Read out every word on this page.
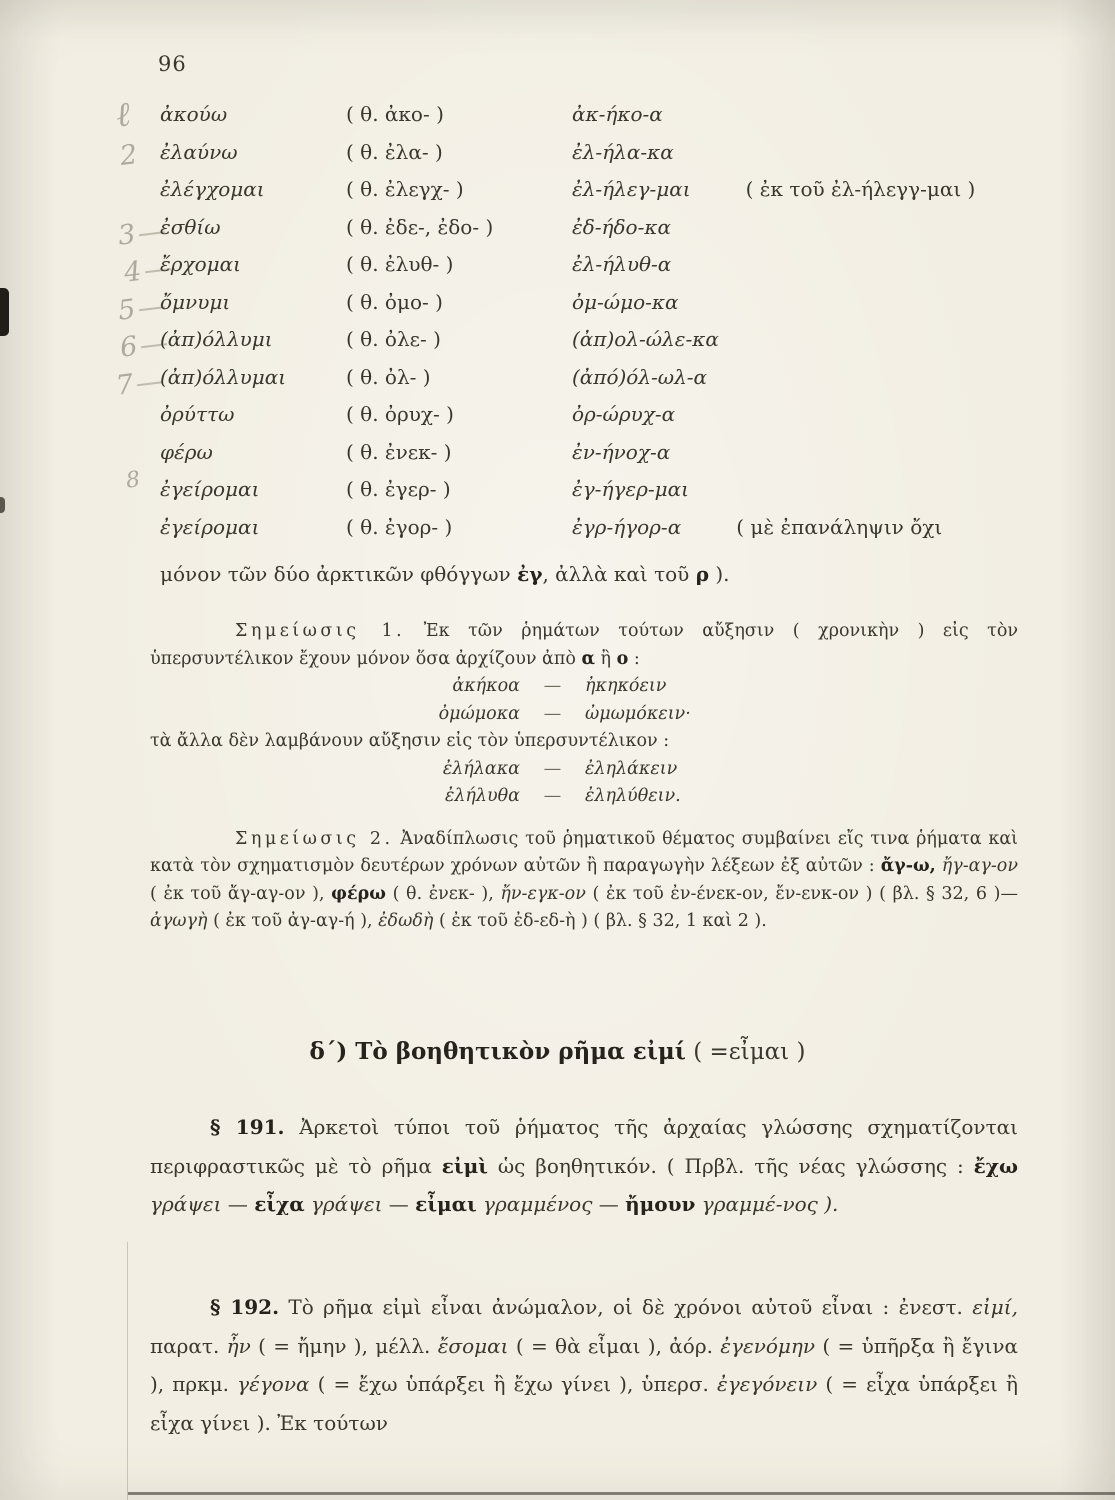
96
ℓ
2
3
4
5
6
7
8
ἀκούω	( θ. ἀκο- )	ἀκ-ήκο-α
ἐλαύνω	( θ. ἐλα- )	ἐλ-ήλα-κα
ἐλέγχομαι	( θ. ἐλεγχ- )	ἐλ-ήλεγ-μαι	( ἐκ τοῦ ἐλ-ήλεγγ-μαι )
ἐσθίω	( θ. ἐδε-, ἐδο- )	ἐδ-ήδο-κα
ἔρχομαι	( θ. ἐλυθ- )	ἐλ-ήλυθ-α
ὄμνυμι	( θ. ὀμο- )	ὀμ-ώμο-κα
(ἀπ)όλλυμι	( θ. ὀλε- )	(ἀπ)ολ-ώλε-κα
(ἀπ)όλλυμαι	( θ. ὀλ- )	(ἀπό)όλ-ωλ-α
ὀρύττω	( θ. ὀρυχ- )	ὀρ-ώρυχ-α
φέρω	( θ. ἐνεκ- )	ἐν-ήνοχ-α
ἐγείρομαι	( θ. ἐγερ- )	ἐγ-ήγερ-μαι
ἐγείρομαι	( θ. ἐγορ- )	ἐγρ-ήγορ-α	( μὲ ἐπανάληψιν ὄχι
μόνον τῶν δύο ἀρκτικῶν φθόγγων ἐγ, ἀλλὰ καὶ τοῦ ρ ).

Σημείωσις 1. Ἐκ τῶν ῥημάτων τούτων αὔξησιν ( χρονικὴν ) εἰς τὸν ὑπερσυντέλικον ἔχουν μόνον ὅσα ἀρχίζουν ἀπὸ α ἢ ο :

ἀκήκοα	—	ἠκηκόειν
ὀμώμοκα	—	ὠμωμόκειν·

τὰ ἄλλα δὲν λαμβάνουν αὔξησιν εἰς τὸν ὑπερσυντέλικον :

ἐλήλακα	—	ἐληλάκειν
ἐλήλυθα	—	ἐληλύθειν.

Σημείωσις 2. Ἀναδίπλωσις τοῦ ῥηματικοῦ θέματος συμβαίνει εἴς τινα ῥήματα καὶ κατὰ τὸν σχηματισμὸν δευτέρων χρόνων αὐτῶν ἢ παραγωγὴν λέξεων ἐξ αὐτῶν : ἄγ-ω, ἤγ-αγ-ον ( ἐκ τοῦ ἄγ-αγ-ον ), φέρω ( θ. ἐνεκ- ), ἤν-εγκ-ον ( ἐκ τοῦ ἐν-ένεκ-ον, ἔν-ενκ-ον ) ( βλ. § 32, 6 )—ἀγωγὴ ( ἐκ τοῦ ἀγ-αγ-ή ), ἐδωδὴ ( ἐκ τοῦ ἐδ-εδ-ὴ ) ( βλ. § 32, 1 καὶ 2 ).

δ΄) Τὸ βοηθητικὸν ρῆμα εἰμί ( =εἶμαι )

§ 191. Ἀρκετοὶ τύποι τοῦ ῥήματος τῆς ἀρχαίας γλώσσης σχηματίζονται περιφραστικῶς μὲ τὸ ρῆμα εἰμὶ ὡς βοηθητικόν. ( Πρβλ. τῆς νέας γλώσσης : ἔχω γράψει — εἶχα γράψει — εἶμαι γραμμένος — ἤμουν γραμμέ-νος ).

§ 192. Τὸ ρῆμα εἰμὶ εἶναι ἀνώμαλον, οἱ δὲ χρόνοι αὐτοῦ εἶναι : ἐνεστ. εἰμί, παρατ. ἦν ( = ἤμην ), μέλλ. ἔσομαι ( = θὰ εἶμαι ), ἀόρ. ἐγενόμην ( = ὑπῆρξα ἢ ἔγινα ), πρκμ. γέγονα ( = ἔχω ὑπάρξει ἢ ἔχω γίνει ), ὑπερσ. ἐγεγόνειν ( = εἶχα ὑπάρξει ἢ εἶχα γίνει ). Ἐκ τούτων
